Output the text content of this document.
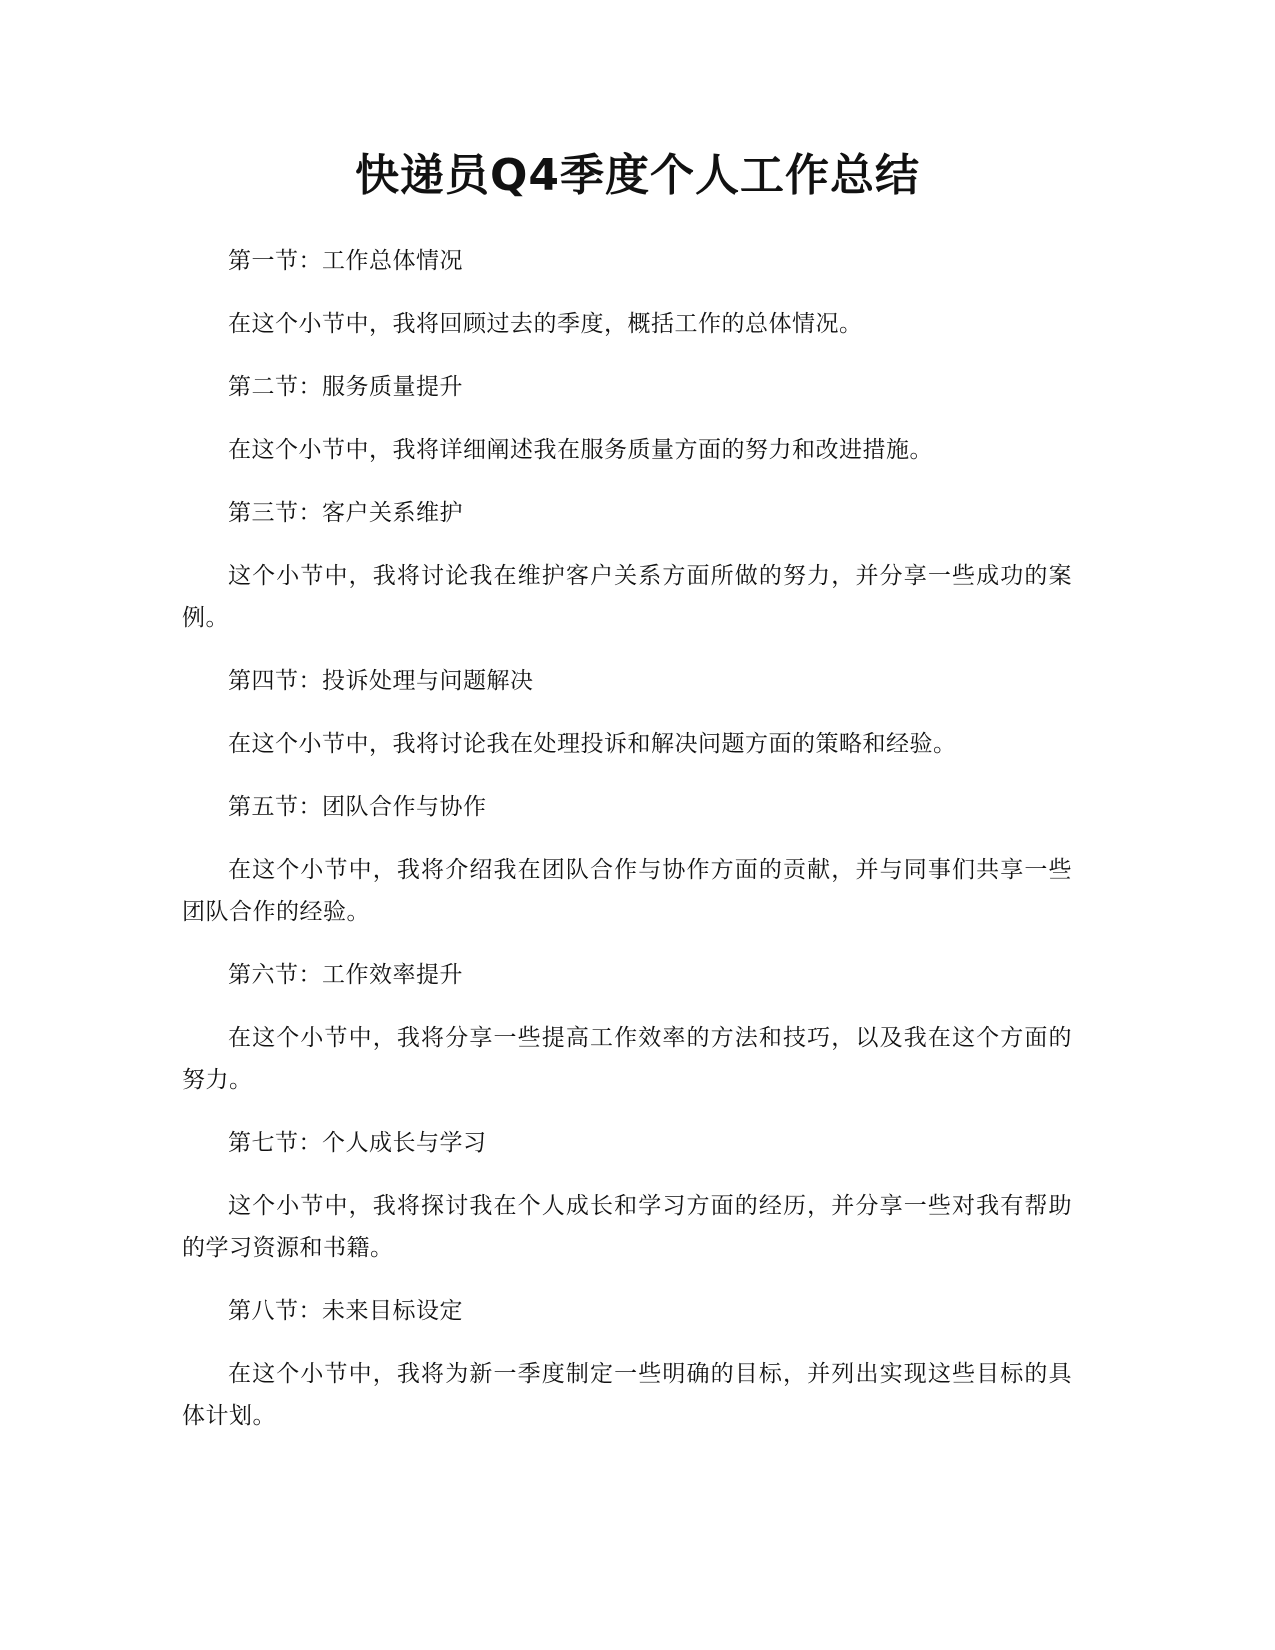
快递员Q4季度个人工作总结

第一节：工作总体情况

在这个小节中，我将回顾过去的季度，概括工作的总体情况。

第二节：服务质量提升

在这个小节中，我将详细阐述我在服务质量方面的努力和改进措施。

第三节：客户关系维护

这个小节中，我将讨论我在维护客户关系方面所做的努力，并分享一些成功的案例。

第四节：投诉处理与问题解决

在这个小节中，我将讨论我在处理投诉和解决问题方面的策略和经验。

第五节：团队合作与协作

在这个小节中，我将介绍我在团队合作与协作方面的贡献，并与同事们共享一些团队合作的经验。

第六节：工作效率提升

在这个小节中，我将分享一些提高工作效率的方法和技巧，以及我在这个方面的努力。

第七节：个人成长与学习

这个小节中，我将探讨我在个人成长和学习方面的经历，并分享一些对我有帮助的学习资源和书籍。

第八节：未来目标设定

在这个小节中，我将为新一季度制定一些明确的目标，并列出实现这些目标的具体计划。
